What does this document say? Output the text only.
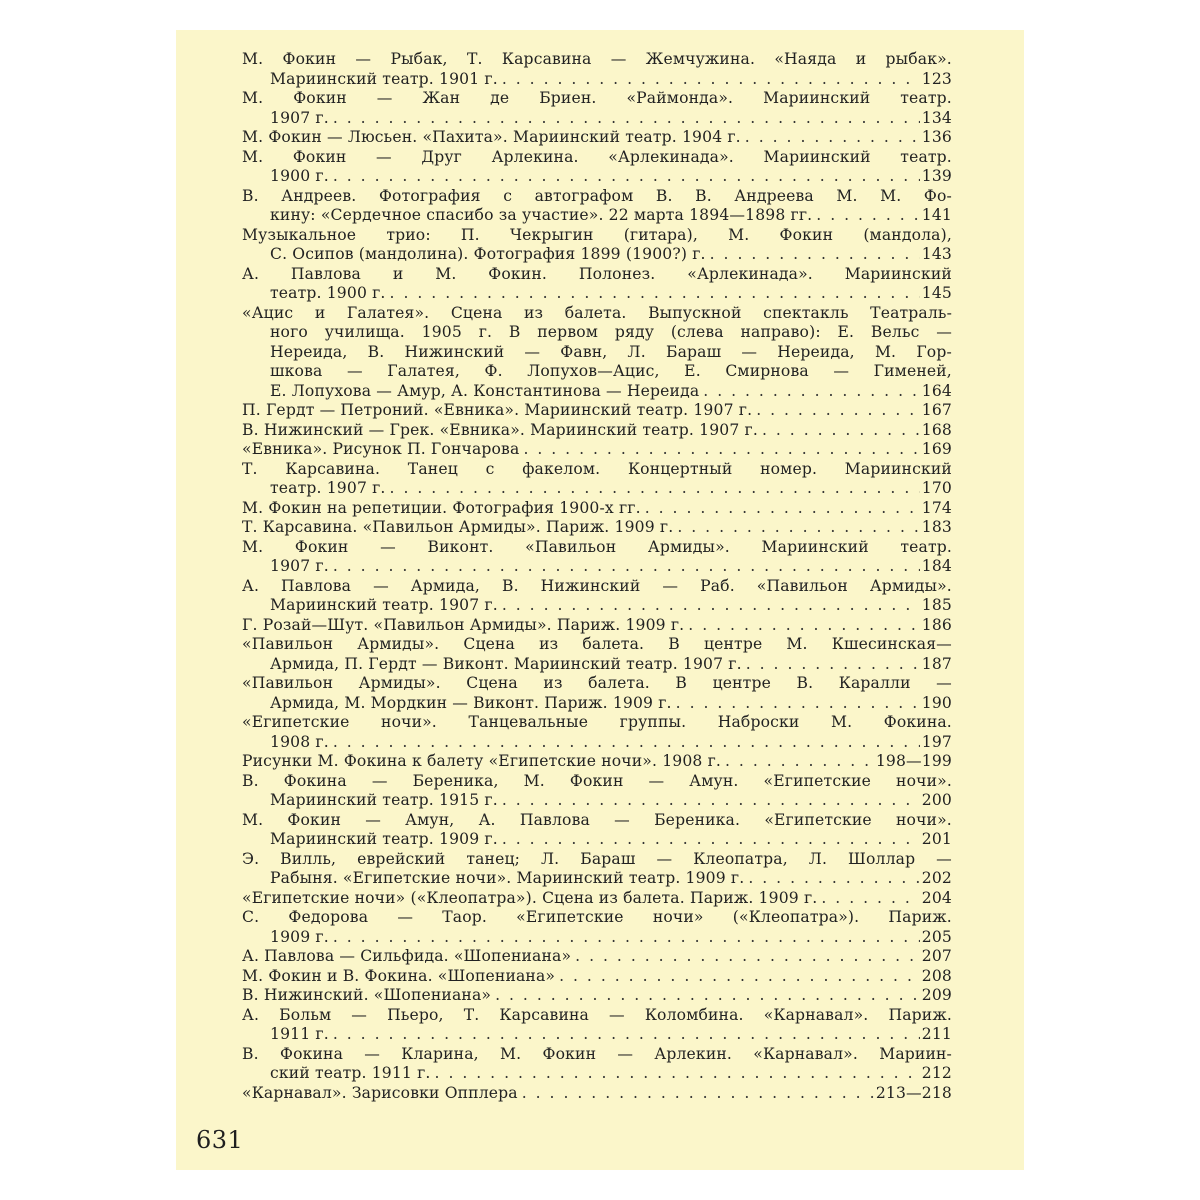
М. Фокин — Рыбак, Т. Карсавина — Жемчужина. «Наяда и рыбак».
Мариинский театр. 1901 г. . . .	123
М. Фокин — Жан де Бриен. «Раймонда». Мариинский театр.
1907 г. . . .	134
М. Фокин — Люсьен. «Пахита». Мариинский театр. 1904 г. . . .	136
М. Фокин — Друг Арлекина. «Арлекинада». Мариинский театр.
1900 г. . . .	139
В. Андреев. Фотография с автографом В. В. Андреева М. М. Фо-
кину: «Сердечное спасибо за участие». 22 марта 1894—1898 гг. . . .	141
Музыкальное трио: П. Чекрыгин (гитара), М. Фокин (мандола),
С. Осипов (мандолина). Фотография 1899 (1900?) г. . . .	143
А. Павлова и М. Фокин. Полонез. «Арлекинада». Мариинский
театр. 1900 г. . . .	145
«Ацис и Галатея». Сцена из балета. Выпускной спектакль Театраль-
ного училища. 1905 г. В первом ряду (слева направо): Е. Вельс —
Нереида, В. Нижинский — Фавн, Л. Бараш — Нереида, М. Гор-
шкова — Галатея, Ф. Лопухов—Ацис, Е. Смирнова — Гименей,
Е. Лопухова — Амур, А. Константинова — Нереида . . .	164
П. Гердт — Петроний. «Евника». Мариинский театр. 1907 г. . . .	167
В. Нижинский — Грек. «Евника». Мариинский театр. 1907 г. . . .	168
«Евника». Рисунок П. Гончарова . . .	169
Т. Карсавина. Танец с факелом. Концертный номер. Мариинский
театр. 1907 г. . . .	170
М. Фокин на репетиции. Фотография 1900-х гг. . . .	174
Т. Карсавина. «Павильон Армиды». Париж. 1909 г. . . .	183
М. Фокин — Виконт. «Павильон Армиды». Мариинский театр.
1907 г. . . .	184
А. Павлова — Армида, В. Нижинский — Раб. «Павильон Армиды».
Мариинский театр. 1907 г. . . .	185
Г. Розай—Шут. «Павильон Армиды». Париж. 1909 г. . . .	186
«Павильон Армиды». Сцена из балета. В центре М. Кшесинская—
Армида, П. Гердт — Виконт. Мариинский театр. 1907 г. . . .	187
«Павильон Армиды». Сцена из балета. В центре В. Каралли —
Армида, М. Мордкин — Виконт. Париж. 1909 г. . . .	190
«Египетские ночи». Танцевальные группы. Наброски М. Фокина.
1908 г. . . .	197
Рисунки М. Фокина к балету «Египетские ночи». 1908 г. . . .	198—199
В. Фокина — Береника, М. Фокин — Амун. «Египетские ночи».
Мариинский театр. 1915 г. . . .	200
М. Фокин — Амун, А. Павлова — Береника. «Египетские ночи».
Мариинский театр. 1909 г. . . .	201
Э. Вилль, еврейский танец; Л. Бараш — Клеопатра, Л. Шоллар —
Рабыня. «Египетские ночи». Мариинский театр. 1909 г. . . .	202
«Египетские ночи» («Клеопатра»). Сцена из балета. Париж. 1909 г. . . .	204
С. Федорова — Таор. «Египетские ночи» («Клеопатра»). Париж.
1909 г. . . .	205
А. Павлова — Сильфида. «Шопениана» . . .	207
М. Фокин и В. Фокина. «Шопениана» . . .	208
В. Нижинский. «Шопениана» . . .	209
А. Больм — Пьеро, Т. Карсавина — Коломбина. «Карнавал». Париж.
1911 г. . . .	211
В. Фокина — Кларина, М. Фокин — Арлекин. «Карнавал». Мариин-
ский театр. 1911 г. . . .	212
«Карнавал». Зарисовки Опплера . . .	213—218
631
